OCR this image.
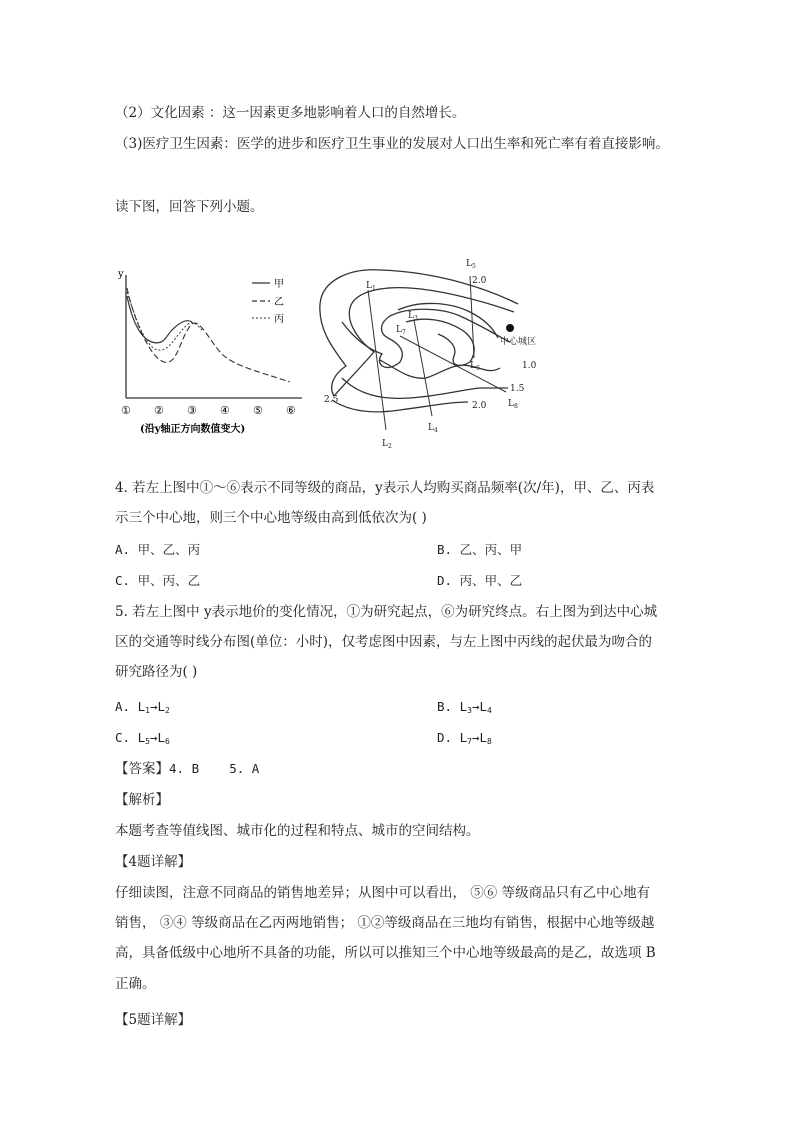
（2）文化因素 ：这一因素更多地影响着人口的自然增长。
（3)医疗卫生因素：医学的进步和医疗卫生事业的发展对人口出生率和死亡率有着直接影响。
读下图，回答下列小题。
y
甲
乙
丙
① ② ③ ④ ⑤ ⑥
(沿y轴正方向数值变大)
$L_1$
$L_2$
$L_3$
$L_4$
$L_5$
$L_6$
$L_7$
$L_8$
2.0
1.0
1.5
2.0
2.5
中心城区
4. 若左上图中①～⑥表示不同等级的商品，y表示人均购买商品频率(次/年)，甲、乙、丙表
示三个中心地，则三个中心地等级由高到低依次为( )
A. 甲、乙、丙	B. 乙、丙、甲
C. 甲、丙、乙	D. 丙、甲、乙
5. 若左上图中 y表示地价的变化情况，①为研究起点，⑥为研究终点。右上图为到达中心城
区的交通等时线分布图(单位：小时)，仅考虑图中因素，与左上图中丙线的起伏最为吻合的
研究路径为( )
A. $L_1\to L_2$	B. $L_3\to L_4$
C. $L_5\to L_6$	D. $L_7\to L_8$
【答案】4. B    5. A
【解析】
本题考查等值线图、城市化的过程和特点、城市的空间结构。
【4题详解】
仔细读图，注意不同商品的销售地差异；从图中可以看出， ⑤⑥ 等级商品只有乙中心地有
销售， ③④ 等级商品在乙丙两地销售； ①②等级商品在三地均有销售，根据中心地等级越
高，具备低级中心地所不具备的功能，所以可以推知三个中心地等级最高的是乙，故选项 B
正确。
【5题详解】
